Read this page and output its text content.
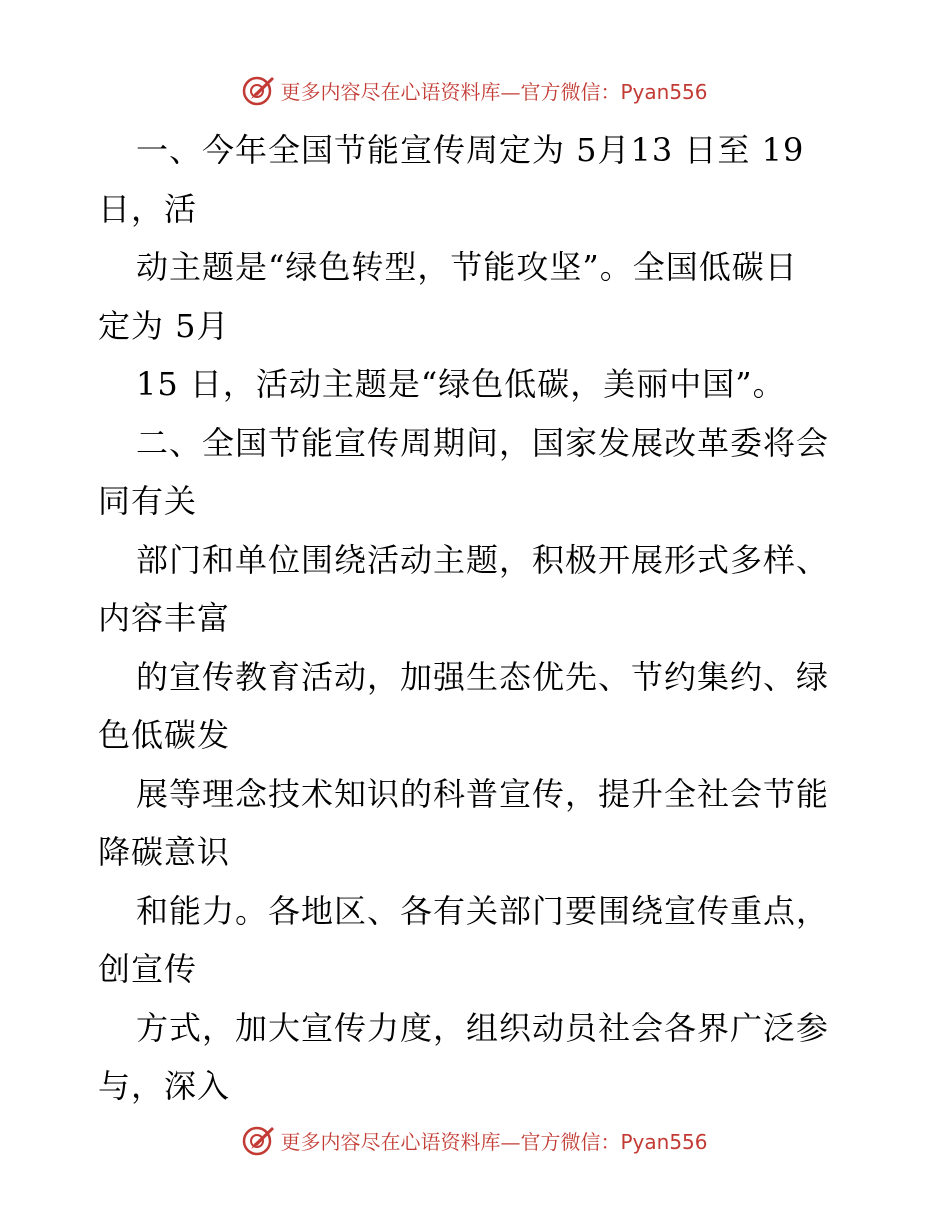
更多内容尽在心语资料库—官方微信：Pyan556
一、今年全国节能宣传周定为 5月13 日至 19
日，活
动主题是“绿色转型，节能攻坚”。全国低碳日
定为 5月
15 日，活动主题是“绿色低碳，美丽中国”。
二、全国节能宣传周期间，国家发展改革委将会
同有关
部门和单位围绕活动主题，积极开展形式多样、
内容丰富
的宣传教育活动，加强生态优先、节约集约、绿
色低碳发
展等理念技术知识的科普宣传，提升全社会节能
降碳意识
和能力。各地区、各有关部门要围绕宣传重点，
创宣传
方式，加大宣传力度，组织动员社会各界广泛参
与，深入
更多内容尽在心语资料库—官方微信：Pyan556
